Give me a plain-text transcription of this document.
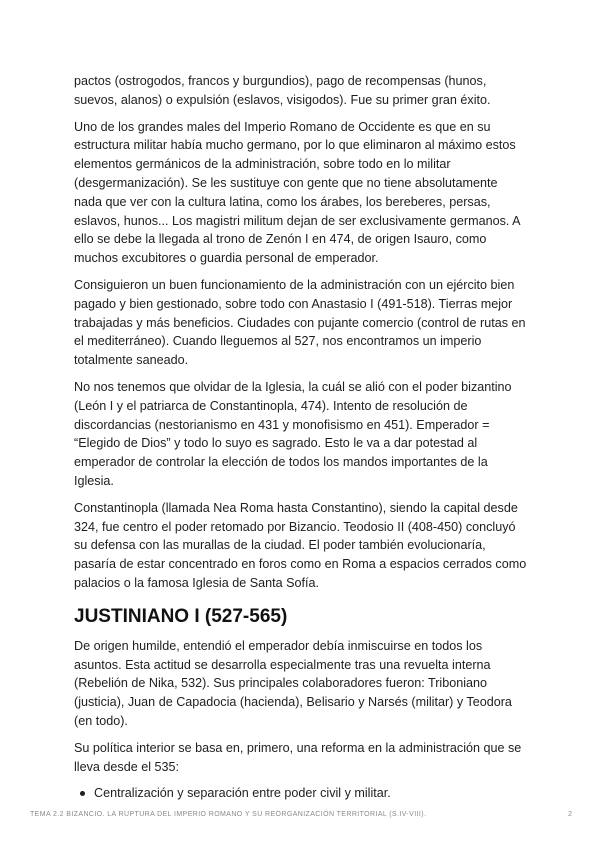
pactos (ostrogodos, francos y burgundios), pago de recompensas (hunos, suevos, alanos) o expulsión (eslavos, visigodos). Fue su primer gran éxito.

Uno de los grandes males del Imperio Romano de Occidente es que en su estructura militar había mucho germano, por lo que eliminaron al máximo estos elementos germánicos de la administración, sobre todo en lo militar (desgermanización). Se les sustituye con gente que no tiene absolutamente nada que ver con la cultura latina, como los árabes, los bereberes, persas, eslavos, hunos... Los magistri militum dejan de ser exclusivamente germanos. A ello se debe la llegada al trono de Zenón I en 474, de origen Isauro, como muchos excubitores o guardia personal de emperador.

Consiguieron un buen funcionamiento de la administración con un ejército bien pagado y bien gestionado, sobre todo con Anastasio I (491-518). Tierras mejor trabajadas y más beneficios. Ciudades con pujante comercio (control de rutas en el mediterráneo). Cuando lleguemos al 527, nos encontramos un imperio totalmente saneado.

No nos tenemos que olvidar de la Iglesia, la cuál se alió con el poder bizantino (León I y el patriarca de Constantinopla, 474). Intento de resolución de discordancias (nestorianismo en 431 y monofisismo en 451). Emperador = “Elegido de Dios” y todo lo suyo es sagrado. Esto le va a dar potestad al emperador de controlar la elección de todos los mandos importantes de la Iglesia.

Constantinopla (llamada Nea Roma hasta Constantino), siendo la capital desde 324, fue centro el poder retomado por Bizancio. Teodosio II (408-450) concluyó su defensa con las murallas de la ciudad. El poder también evolucionaría, pasaría de estar concentrado en foros como en Roma a espacios cerrados como palacios o la famosa Iglesia de Santa Sofía.

JUSTINIANO I (527-565)

De origen humilde, entendió el emperador debía inmiscuirse en todos los asuntos. Esta actitud se desarrolla especialmente tras una revuelta interna (Rebelión de Nika, 532). Sus principales colaboradores fueron: Triboniano (justicia), Juan de Capadocia (hacienda), Belisario y Narsés (militar) y Teodora (en todo).

Su política interior se basa en, primero, una reforma en la administración que se lleva desde el 535:

Centralización y separación entre poder civil y militar.
TEMA 2.2 BIZANCIO. LA RUPTURA DEL IMPERIO ROMANO Y SU REORGANIZACIÓN TERRITORIAL (S.IV-VIII).	2
